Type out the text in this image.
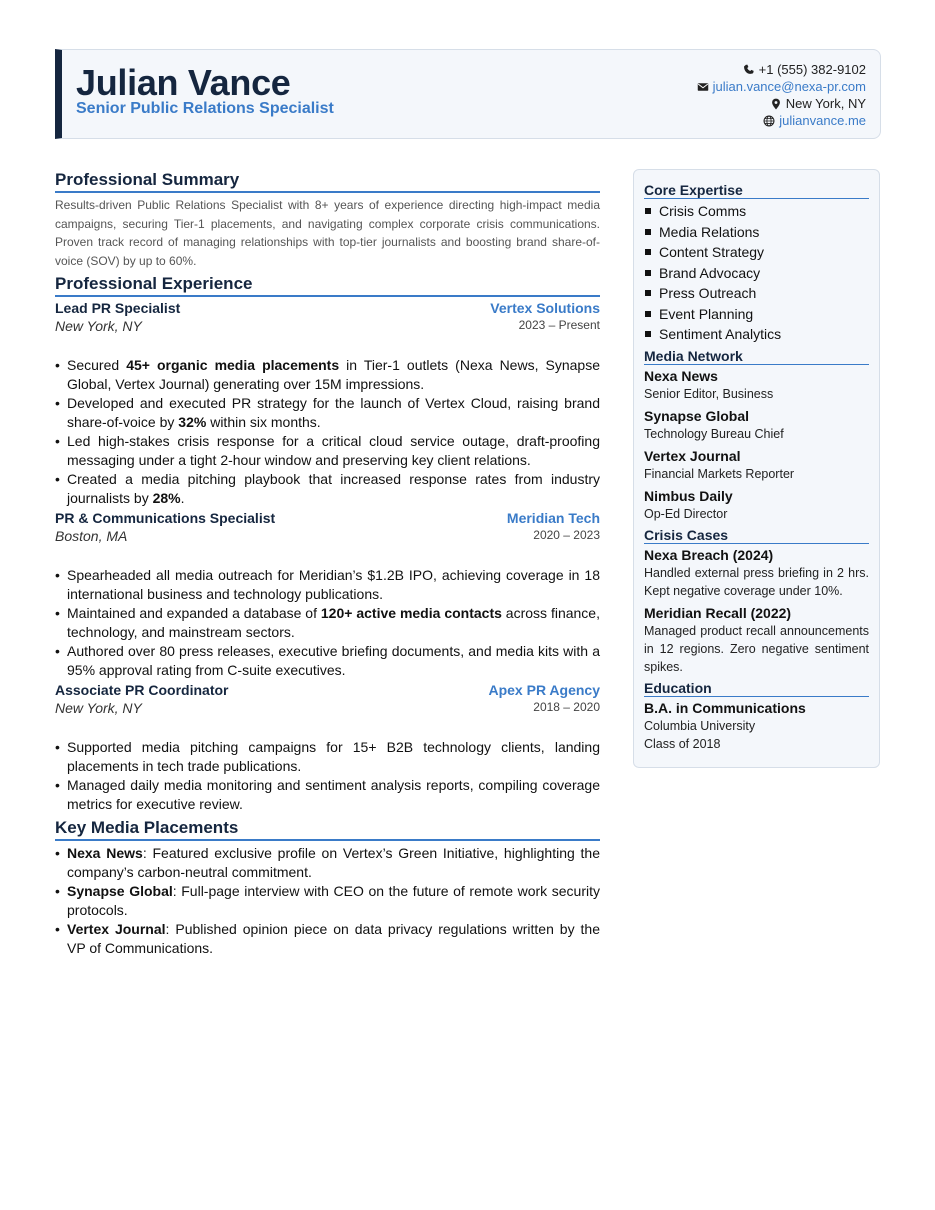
Julian Vance
Senior Public Relations Specialist
+1 (555) 382-9102
julian.vance@nexa-pr.com
New York, NY
julianvance.me
Professional Summary

Results-driven Public Relations Specialist with 8+ years of experience directing high-impact media campaigns, securing Tier-1 placements, and navigating complex corporate crisis communications. Proven track record of managing relationships with top-tier journalists and boosting brand share-of-voice (SOV) by up to 60%.

Professional Experience
Lead PR Specialist	Vertex Solutions
New York, NY	2023 – Present
• Secured 45+ organic media placements in Tier-1 outlets (Nexa News, Synapse Global, Vertex Journal) generating over 15M impressions.
• Developed and executed PR strategy for the launch of Vertex Cloud, raising brand share-of-voice by 32% within six months.
• Led high-stakes crisis response for a critical cloud service outage, draft-proofing messaging under a tight 2-hour window and preserving key client relations.
• Created a media pitching playbook that increased response rates from industry journalists by 28%.
PR & Communications Specialist	Meridian Tech
Boston, MA	2020 – 2023
• Spearheaded all media outreach for Meridian’s $1.2B IPO, achieving coverage in 18 international business and technology publications.
• Maintained and expanded a database of 120+ active media contacts across finance, technology, and mainstream sectors.
• Authored over 80 press releases, executive briefing documents, and media kits with a 95% approval rating from C-suite executives.
Associate PR Coordinator	Apex PR Agency
New York, NY	2018 – 2020
• Supported media pitching campaigns for 15+ B2B technology clients, landing placements in tech trade publications.
• Managed daily media monitoring and sentiment analysis reports, compiling coverage metrics for executive review.
Key Media Placements
• Nexa News: Featured exclusive profile on Vertex’s Green Initiative, highlighting the company’s carbon-neutral commitment.
• Synapse Global: Full-page interview with CEO on the future of remote work security protocols.
• Vertex Journal: Published opinion piece on data privacy regulations written by the VP of Communications.
Core Expertise
Crisis Comms
Media Relations
Content Strategy
Brand Advocacy
Press Outreach
Event Planning
Sentiment Analytics
Media Network
Nexa News
Senior Editor, Business
Synapse Global
Technology Bureau Chief
Vertex Journal
Financial Markets Reporter
Nimbus Daily
Op-Ed Director
Crisis Cases
Nexa Breach (2024)
Handled external press briefing in 2 hrs. Kept negative coverage under 10%.
Meridian Recall (2022)
Managed product recall announcements in 12 regions. Zero negative sentiment spikes.
Education
B.A. in Communications
Columbia University
Class of 2018
